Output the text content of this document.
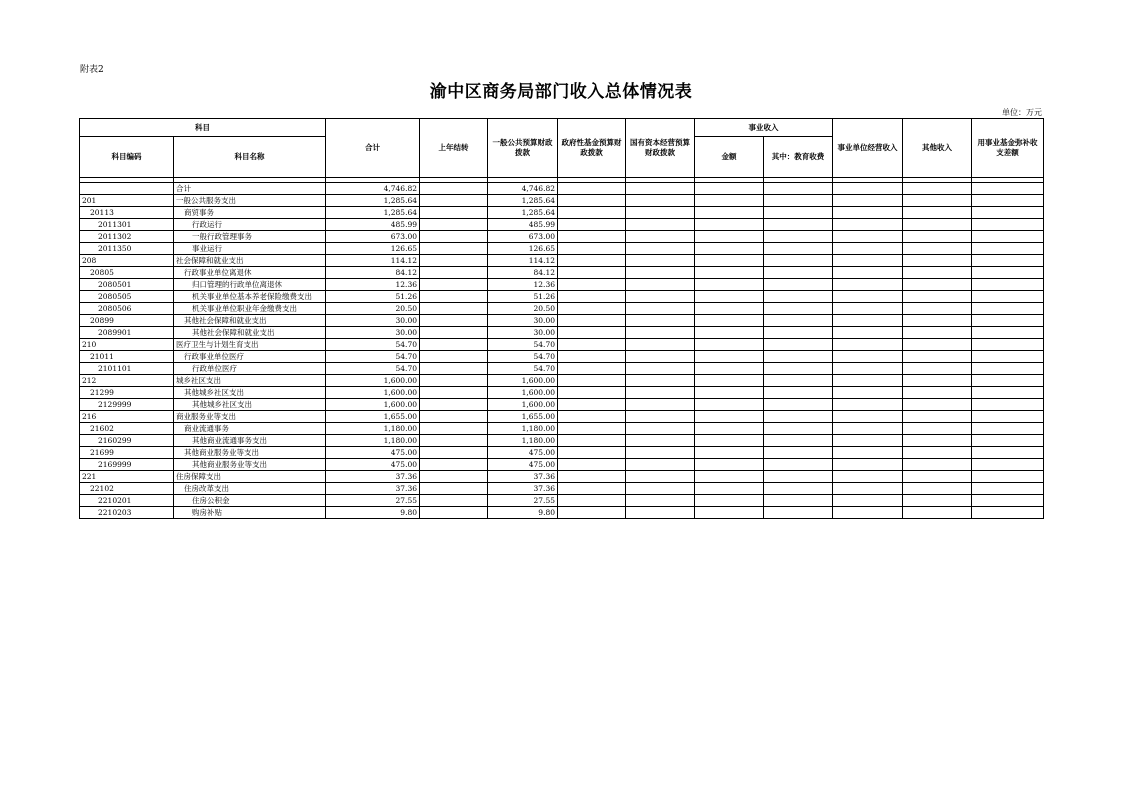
附表2
渝中区商务局部门收入总体情况表
单位：万元
科目		合计	上年结转	一般公共预算财政拨款	政府性基金预算财政拨款	国有资本经营预算财政拨款	事业收入		事业单位经营收入	其他收入	用事业基金弥补收支差额
科目编码	科目名称						金额	其中：教育收费			

	合计	4,746.82		4,746.82							
201	一般公共服务支出	1,285.64		1,285.64							
20113	商贸事务	1,285.64		1,285.64							
2011301	行政运行	485.99		485.99							
2011302	一般行政管理事务	673.00		673.00							
2011350	事业运行	126.65		126.65							
208	社会保障和就业支出	114.12		114.12							
20805	行政事业单位离退休	84.12		84.12							
2080501	归口管理的行政单位离退休	12.36		12.36							
2080505	机关事业单位基本养老保险缴费支出	51.26		51.26							
2080506	机关事业单位职业年金缴费支出	20.50		20.50							
20899	其他社会保障和就业支出	30.00		30.00							
2089901	其他社会保障和就业支出	30.00		30.00							
210	医疗卫生与计划生育支出	54.70		54.70							
21011	行政事业单位医疗	54.70		54.70							
2101101	行政单位医疗	54.70		54.70							
212	城乡社区支出	1,600.00		1,600.00							
21299	其他城乡社区支出	1,600.00		1,600.00							
2129999	其他城乡社区支出	1,600.00		1,600.00							
216	商业服务业等支出	1,655.00		1,655.00							
21602	商业流通事务	1,180.00		1,180.00							
2160299	其他商业流通事务支出	1,180.00		1,180.00							
21699	其他商业服务业等支出	475.00		475.00							
2169999	其他商业服务业等支出	475.00		475.00							
221	住房保障支出	37.36		37.36							
22102	住房改革支出	37.36		37.36							
2210201	住房公积金	27.55		27.55							
2210203	购房补贴	9.80		9.80							
